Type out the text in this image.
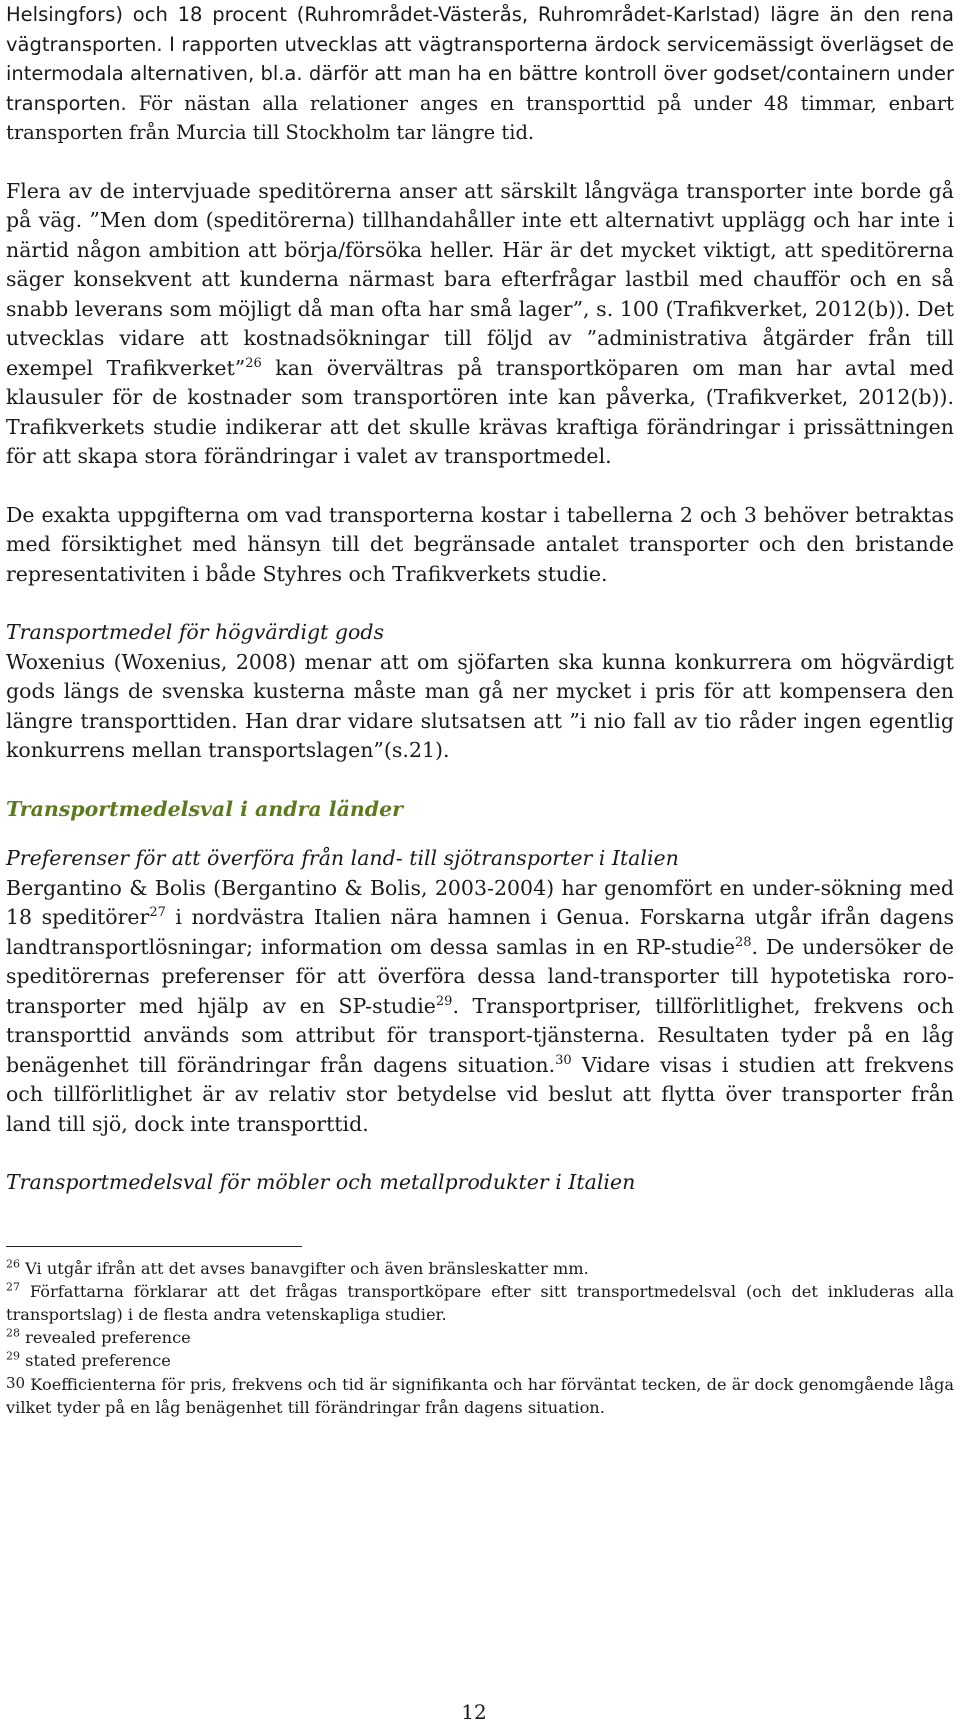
Helsingfors) och 18 procent (Ruhrområdet-Västerås, Ruhrområdet-Karlstad) lägre än den rena vägtransporten. I rapporten utvecklas att vägtransporterna ärdock servicemässigt överlägset de intermodala alternativen, bl.a. därför att man ha en bättre kontroll över godset/containern under transporten. För nästan alla relationer anges en transporttid på under 48 timmar, enbart transporten från Murcia till Stockholm tar längre tid.

Flera av de intervjuade speditörerna anser att särskilt långväga transporter inte borde gå på väg. ”Men dom (speditörerna) tillhandahåller inte ett alternativt upplägg och har inte i närtid någon ambition att börja/försöka heller. Här är det mycket viktigt, att speditörerna säger konsekvent att kunderna närmast bara efterfrågar lastbil med chaufför och en så snabb leverans som möjligt då man ofta har små lager”, s. 100 (Trafikverket, 2012(b)). Det utvecklas vidare att kostnadsökningar till följd av ”administrativa åtgärder från till exempel Trafikverket”$^{26}$ kan övervältras på transportköparen om man har avtal med klausuler för de kostnader som transportören inte kan påverka, (Trafikverket, 2012(b)). Trafikverkets studie indikerar att det skulle krävas kraftiga förändringar i prissättningen för att skapa stora förändringar i valet av transportmedel.

De exakta uppgifterna om vad transporterna kostar i tabellerna 2 och 3 behöver betraktas med försiktighet med hänsyn till det begränsade antalet transporter och den bristande representativiten i både Styhres och Trafikverkets studie.

Transportmedel för högvärdigt gods

Woxenius (Woxenius, 2008) menar att om sjöfarten ska kunna konkurrera om högvärdigt gods längs de svenska kusterna måste man gå ner mycket i pris för att kompensera den längre transporttiden. Han drar vidare slutsatsen att ”i nio fall av tio råder ingen egentlig konkurrens mellan transportslagen”(s.21).

Transportmedelsval i andra länder

Preferenser för att överföra från land- till sjötransporter i Italien

Bergantino & Bolis (Bergantino & Bolis, 2003-2004) har genomfört en under-sökning med 18 speditörer$^{27}$ i nordvästra Italien nära hamnen i Genua. Forskarna utgår ifrån dagens landtransportlösningar; information om dessa samlas in en RP-studie$^{28}$. De undersöker de speditörernas preferenser för att överföra dessa land-transporter till hypotetiska roro-transporter med hjälp av en SP-studie$^{29}$. Transportpriser, tillförlitlighet, frekvens och transporttid används som attribut för transport-tjänsterna. Resultaten tyder på en låg benägenhet till förändringar från dagens situation.$^{30}$ Vidare visas i studien att frekvens och tillförlitlighet är av relativ stor betydelse vid beslut att flytta över transporter från land till sjö, dock inte transporttid.

Transportmedelsval för möbler och metallprodukter i Italien

$^{26}$ Vi utgår ifrån att det avses banavgifter och även bränsleskatter mm.

$^{27}$ Författarna förklarar att det frågas transportköpare efter sitt transportmedelsval (och det inkluderas alla transportslag) i de flesta andra vetenskapliga studier.

$^{28}$ revealed preference

$^{29}$ stated preference

30 Koefficienterna för pris, frekvens och tid är signifikanta och har förväntat tecken, de är dock genomgående låga vilket tyder på en låg benägenhet till förändringar från dagens situation.

12
